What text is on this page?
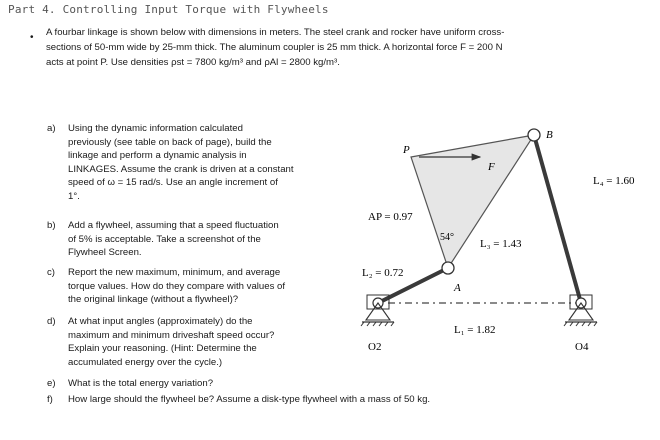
Part 4. Controlling Input Torque with Flywheels
• A fourbar linkage is shown below with dimensions in meters. The steel crank and rocker have uniform cross-
sections of 50-mm wide by 25-mm thick. The aluminum coupler is 25 mm thick. A horizontal force F = 200 N
acts at point P. Use densities ρst = 7800 kg/m³ and ρAl = 2800 kg/m³.
a) Using the dynamic information calculated
previously (see table on back of page), build the
linkage and perform a dynamic analysis in
LINKAGES. Assume the crank is driven at a constant
speed of ω = 15 rad/s. Use an angle increment of
1°.
b) Add a flywheel, assuming that a speed fluctuation
of 5% is acceptable. Take a screenshot of the
Flywheel Screen.
c) Report the new maximum, minimum, and average
torque values. How do they compare with values of
the original linkage (without a flywheel)?
d) At what input angles (approximately) do the
maximum and minimum driveshaft speed occur?
Explain your reasoning. (Hint: Determine the
accumulated energy over the cycle.)
e) What is the total energy variation?
f) How large should the flywheel be? Assume a disk-type flywheel with a mass of 50 kg.
P
F
B
A
54°
AP = 0.97
L₂ = 0.72
L₃ = 1.43
L₄ = 1.60
L₁ = 1.82
O2	O4
